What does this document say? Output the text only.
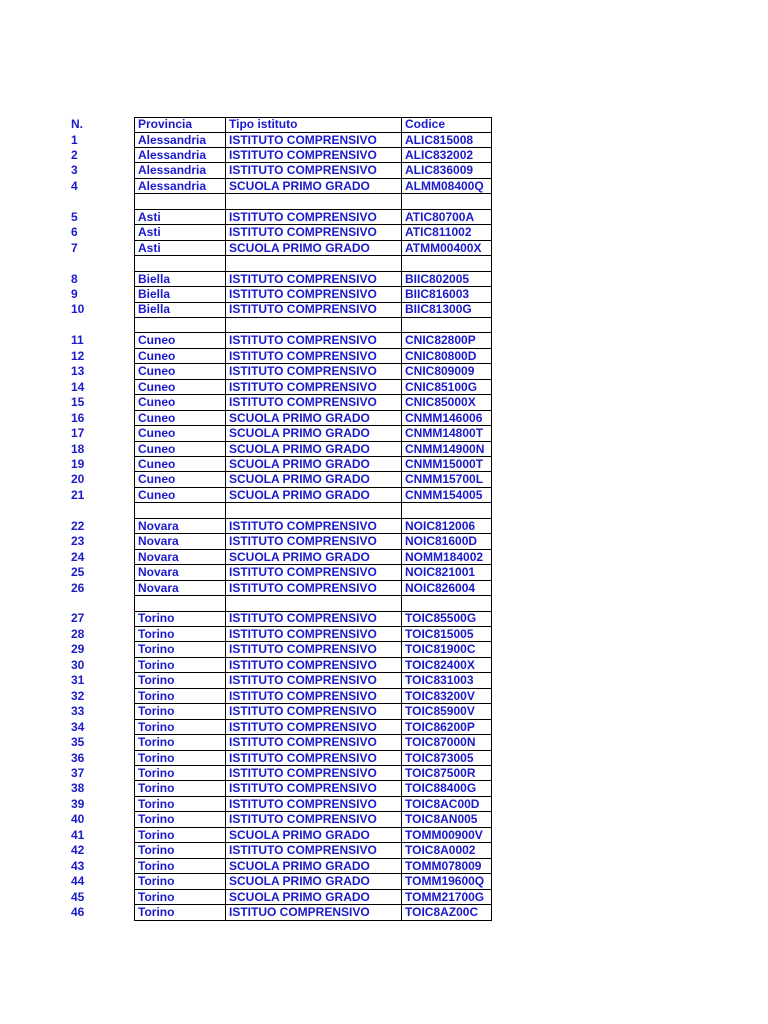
N.	Provincia	Tipo istituto	Codice
1	Alessandria	ISTITUTO COMPRENSIVO	ALIC815008
2	Alessandria	ISTITUTO COMPRENSIVO	ALIC832002
3	Alessandria	ISTITUTO COMPRENSIVO	ALIC836009
4	Alessandria	SCUOLA PRIMO GRADO	ALMM08400Q
5	Asti	ISTITUTO COMPRENSIVO	ATIC80700A
6	Asti	ISTITUTO COMPRENSIVO	ATIC811002
7	Asti	SCUOLA PRIMO GRADO	ATMM00400X
8	Biella	ISTITUTO COMPRENSIVO	BIIC802005
9	Biella	ISTITUTO COMPRENSIVO	BIIC816003
10	Biella	ISTITUTO COMPRENSIVO	BIIC81300G
11	Cuneo	ISTITUTO COMPRENSIVO	CNIC82800P
12	Cuneo	ISTITUTO COMPRENSIVO	CNIC80800D
13	Cuneo	ISTITUTO COMPRENSIVO	CNIC809009
14	Cuneo	ISTITUTO COMPRENSIVO	CNIC85100G
15	Cuneo	ISTITUTO COMPRENSIVO	CNIC85000X
16	Cuneo	SCUOLA PRIMO GRADO	CNMM146006
17	Cuneo	SCUOLA PRIMO GRADO	CNMM14800T
18	Cuneo	SCUOLA PRIMO GRADO	CNMM14900N
19	Cuneo	SCUOLA PRIMO GRADO	CNMM15000T
20	Cuneo	SCUOLA PRIMO GRADO	CNMM15700L
21	Cuneo	SCUOLA PRIMO GRADO	CNMM154005
22	Novara	ISTITUTO COMPRENSIVO	NOIC812006
23	Novara	ISTITUTO COMPRENSIVO	NOIC81600D
24	Novara	SCUOLA PRIMO GRADO	NOMM184002
25	Novara	ISTITUTO COMPRENSIVO	NOIC821001
26	Novara	ISTITUTO COMPRENSIVO	NOIC826004
27	Torino	ISTITUTO COMPRENSIVO	TOIC85500G
28	Torino	ISTITUTO COMPRENSIVO	TOIC815005
29	Torino	ISTITUTO COMPRENSIVO	TOIC81900C
30	Torino	ISTITUTO COMPRENSIVO	TOIC82400X
31	Torino	ISTITUTO COMPRENSIVO	TOIC831003
32	Torino	ISTITUTO COMPRENSIVO	TOIC83200V
33	Torino	ISTITUTO COMPRENSIVO	TOIC85900V
34	Torino	ISTITUTO COMPRENSIVO	TOIC86200P
35	Torino	ISTITUTO COMPRENSIVO	TOIC87000N
36	Torino	ISTITUTO COMPRENSIVO	TOIC873005
37	Torino	ISTITUTO COMPRENSIVO	TOIC87500R
38	Torino	ISTITUTO COMPRENSIVO	TOIC88400G
39	Torino	ISTITUTO COMPRENSIVO	TOIC8AC00D
40	Torino	ISTITUTO COMPRENSIVO	TOIC8AN005
41	Torino	SCUOLA PRIMO GRADO	TOMM00900V
42	Torino	ISTITUTO COMPRENSIVO	TOIC8A0002
43	Torino	SCUOLA PRIMO GRADO	TOMM078009
44	Torino	SCUOLA PRIMO GRADO	TOMM19600Q
45	Torino	SCUOLA PRIMO GRADO	TOMM21700G
46	Torino	ISTITUO COMPRENSIVO	TOIC8AZ00C
